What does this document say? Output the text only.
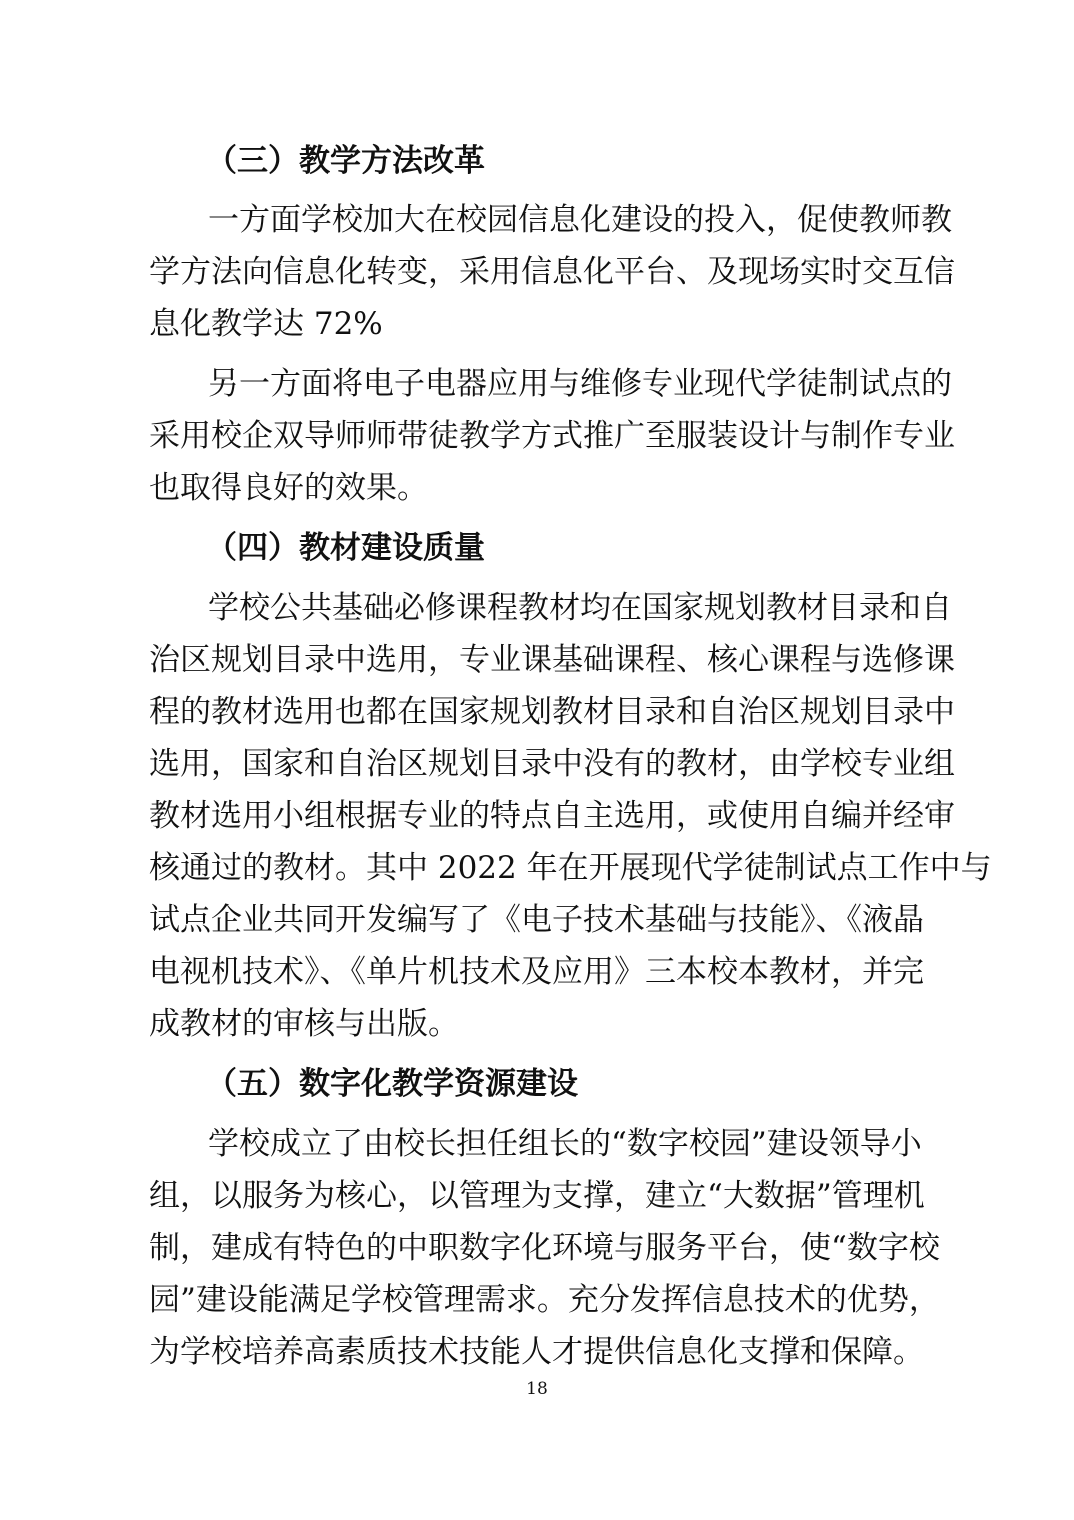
（三）教学方法改革
一方面学校加大在校园信息化建设的投入，促使教师教
学方法向信息化转变，采用信息化平台、及现场实时交互信
息化教学达 72%
另一方面将电子电器应用与维修专业现代学徒制试点的
采用校企双导师师带徒教学方式推广至服装设计与制作专业
也取得良好的效果。
（四）教材建设质量
学校公共基础必修课程教材均在国家规划教材目录和自
治区规划目录中选用，专业课基础课程、核心课程与选修课
程的教材选用也都在国家规划教材目录和自治区规划目录中
选用，国家和自治区规划目录中没有的教材，由学校专业组
教材选用小组根据专业的特点自主选用，或使用自编并经审
核通过的教材。其中 2022 年在开展现代学徒制试点工作中与
试点企业共同开发编写了《电子技术基础与技能》、《液晶
电视机技术》、《单片机技术及应用》三本校本教材，并完
成教材的审核与出版。
（五）数字化教学资源建设
学校成立了由校长担任组长的“数字校园”建设领导小
组，以服务为核心，以管理为支撑，建立“大数据”管理机
制，建成有特色的中职数字化环境与服务平台，使“数字校
园”建设能满足学校管理需求。充分发挥信息技术的优势，
为学校培养高素质技术技能人才提供信息化支撑和保障。
18
